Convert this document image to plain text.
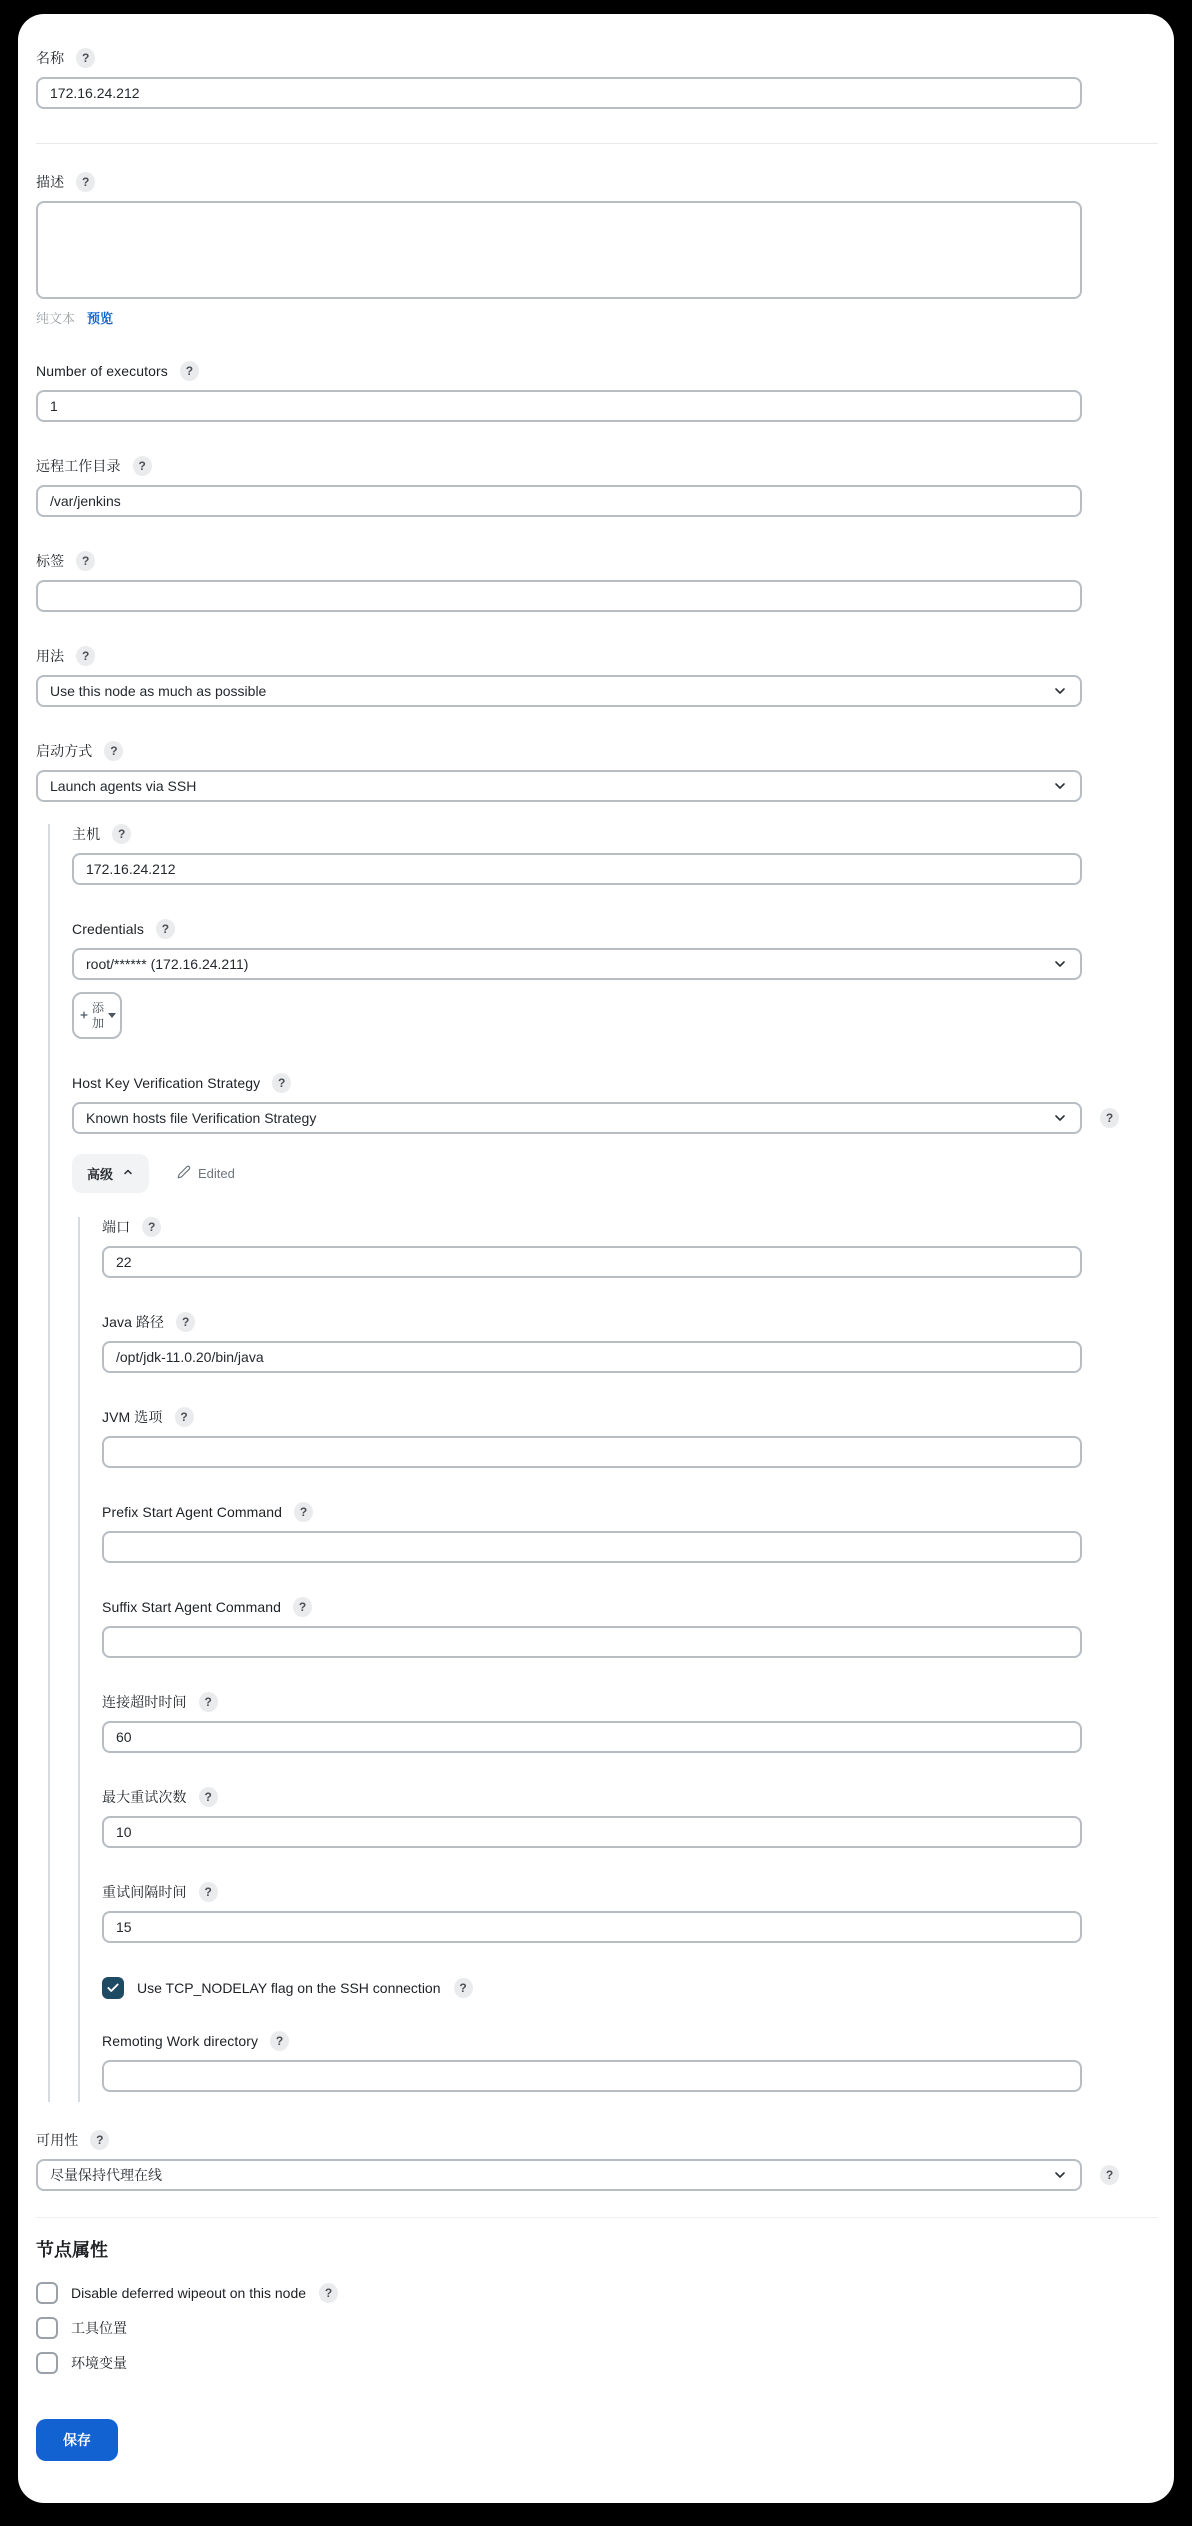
名称	?
172.16.24.212
描述	?
纯文本 预览
Number of executors	?
1
远程工作目录	?
/var/jenkins
标签	?
用法	?
Use this node as much as possible
启动方式	?
Launch agents via SSH
主机	?
172.16.24.212
Credentials	?
root/****** (172.16.24.211)
添加
Host Key Verification Strategy	?
Known hosts file Verification Strategy	?
高级	Edited
端口	?
22
Java 路径	?
/opt/jdk-11.0.20/bin/java
JVM 选项	?
Prefix Start Agent Command	?
Suffix Start Agent Command	?
连接超时时间	?
60
最大重试次数	?
10
重试间隔时间	?
15
Use TCP_NODELAY flag on the SSH connection	?
Remoting Work directory	?
可用性	?
尽量保持代理在线	?
节点属性
Disable deferred wipeout on this node	?
工具位置
环境变量
保存
